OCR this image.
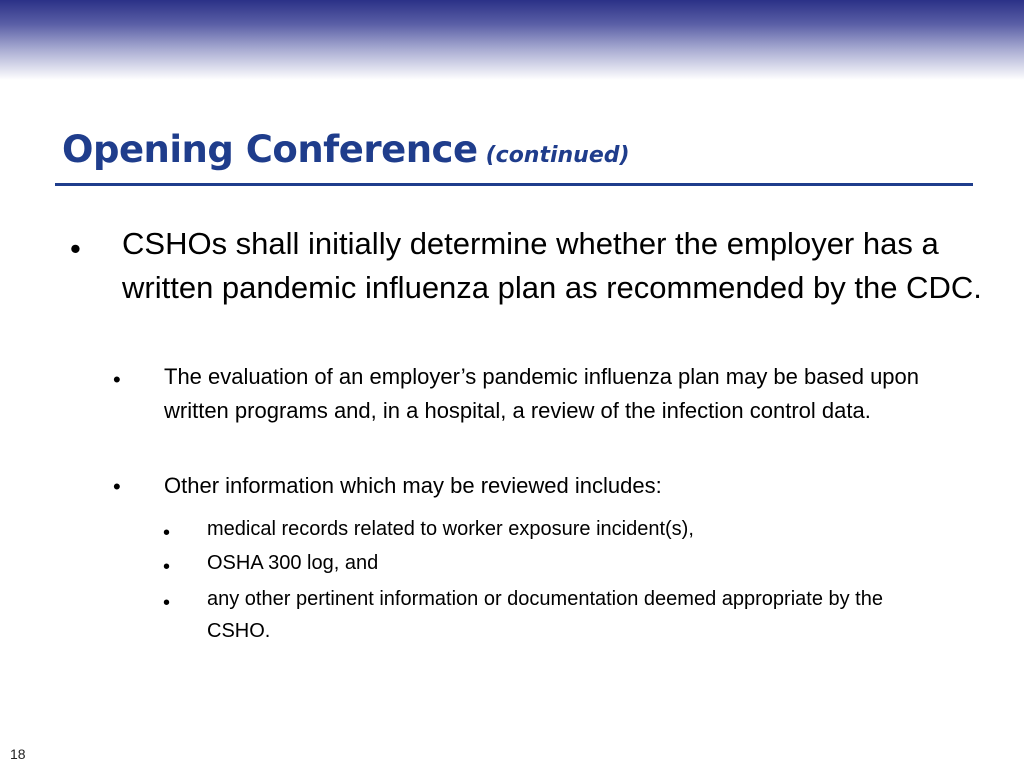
Opening Conference (continued)
• CSHOs shall initially determine whether the employer has a written pandemic influenza plan as recommended by the CDC.
• The evaluation of an employer’s pandemic influenza plan may be based upon written programs and, in a hospital, a review of the infection control data.
• Other information which may be reviewed includes:
• medical records related to worker exposure incident(s),
• OSHA 300 log, and
• any other pertinent information or documentation deemed appropriate by the CSHO.
18
